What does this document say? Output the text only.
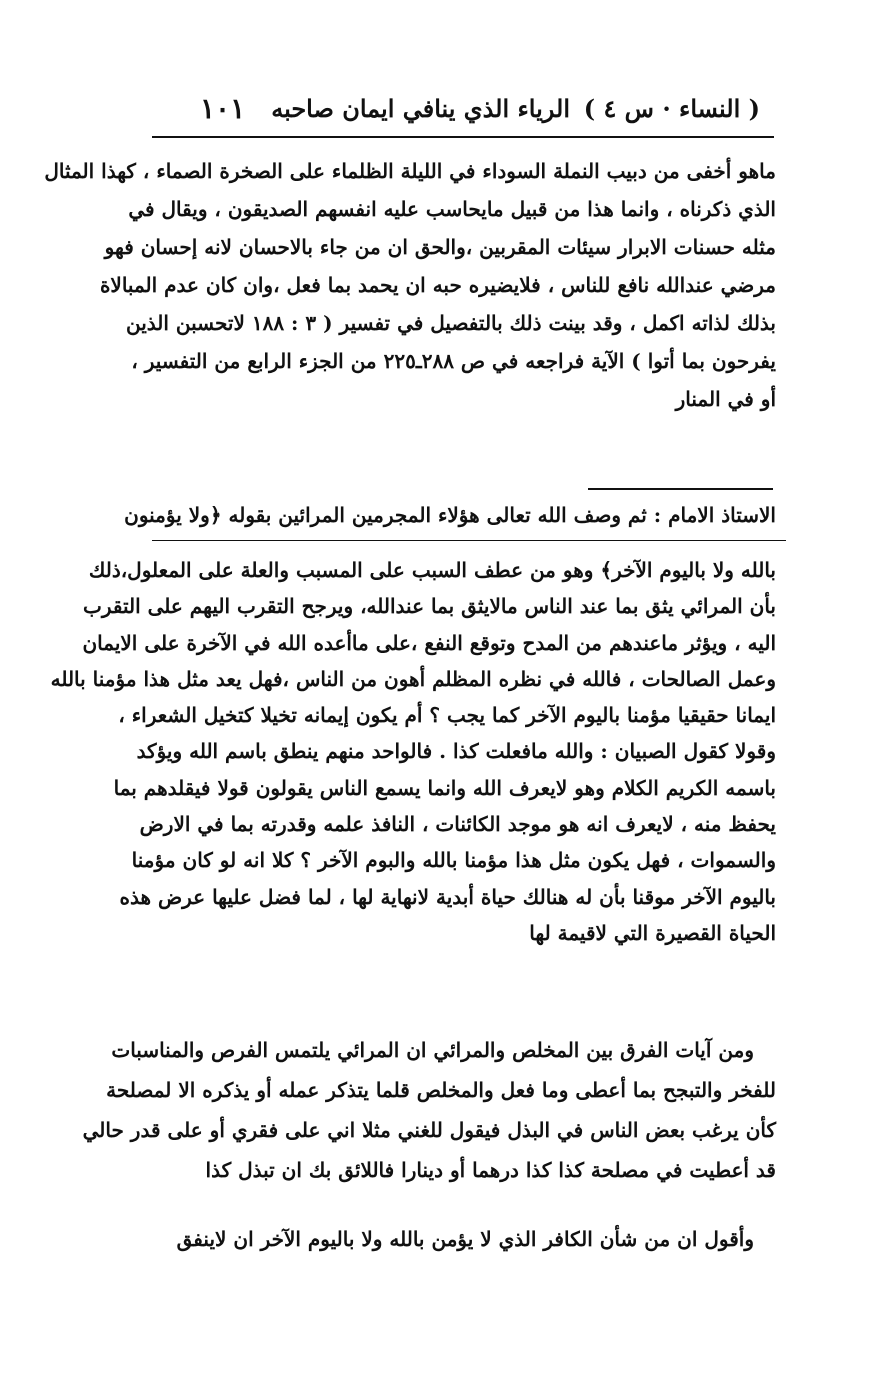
( النساء · س ٤ )
الرياء الذي ينافي ايمان صاحبه
١٠١
ماهو أخفى من دبيب النملة السوداء في الليلة الظلماء على الصخرة الصماء ، كهذا المثال
الذي ذكرناه ، وانما هذا من قبيل مايحاسب عليه انفسهم الصديقون ، ويقال في
مثله حسنات الابرار سيئات المقربين ،والحق ان من جاء بالاحسان لانه إحسان فهو
مرضي عندالله نافع للناس ، فلايضيره حبه ان يحمد بما فعل ،وان كان عدم المبالاة
بذلك لذاته اكمل ، وقد بينت ذلك بالتفصيل في تفسير ( ٣ : ١٨٨ لاتحسبن الذين
يفرحون بما أتوا ) الآية فراجعه في ص ٢٨٨ـ٢٢٥ من الجزء الرابع من التفسير ،
أو في المنار
الاستاذ الامام : ثم وصف الله تعالى هؤلاء المجرمين المرائين بقوله ﴿ولا يؤمنون
بالله ولا باليوم الآخر﴾ وهو من عطف السبب على المسبب والعلة على المعلول،ذلك
بأن المرائي يثق بما عند الناس مالايثق بما عندالله، ويرجح التقرب اليهم على التقرب
اليه ، ويؤثر ماعندهم من المدح وتوقع النفع ،على ماأعده الله في الآخرة على الايمان
وعمل الصالحات ، فالله في نظره المظلم أهون من الناس ،فهل يعد مثل هذا مؤمنا بالله
ايمانا حقيقيا مؤمنا باليوم الآخر كما يجب ؟ أم يكون إيمانه تخيلا كتخيل الشعراء ،
وقولا كقول الصبيان : والله مافعلت كذا . فالواحد منهم ينطق باسم الله ويؤكد
باسمه الكريم الكلام وهو لايعرف الله وانما يسمع الناس يقولون قولا فيقلدهم بما
يحفظ منه ، لايعرف انه هو موجد الكائنات ، النافذ علمه وقدرته بما في الارض
والسموات ، فهل يكون مثل هذا مؤمنا بالله والبوم الآخر ؟ كلا انه لو كان مؤمنا
باليوم الآخر موقنا بأن له هنالك حياة أبدية لانهاية لها ، لما فضل عليها عرض هذه
الحياة القصيرة التي لاقيمة لها
ومن آيات الفرق بين المخلص والمرائي ان المرائي يلتمس الفرص والمناسبات
للفخر والتبجح بما أعطى وما فعل والمخلص قلما يتذكر عمله أو يذكره الا لمصلحة
كأن يرغب بعض الناس في البذل فيقول للغني مثلا اني على فقري أو على قدر حالي
قد أعطيت في مصلحة كذا كذا درهما أو دينارا فاللائق بك ان تبذل كذا
وأقول ان من شأن الكافر الذي لا يؤمن بالله ولا باليوم الآخر ان لاينفق
